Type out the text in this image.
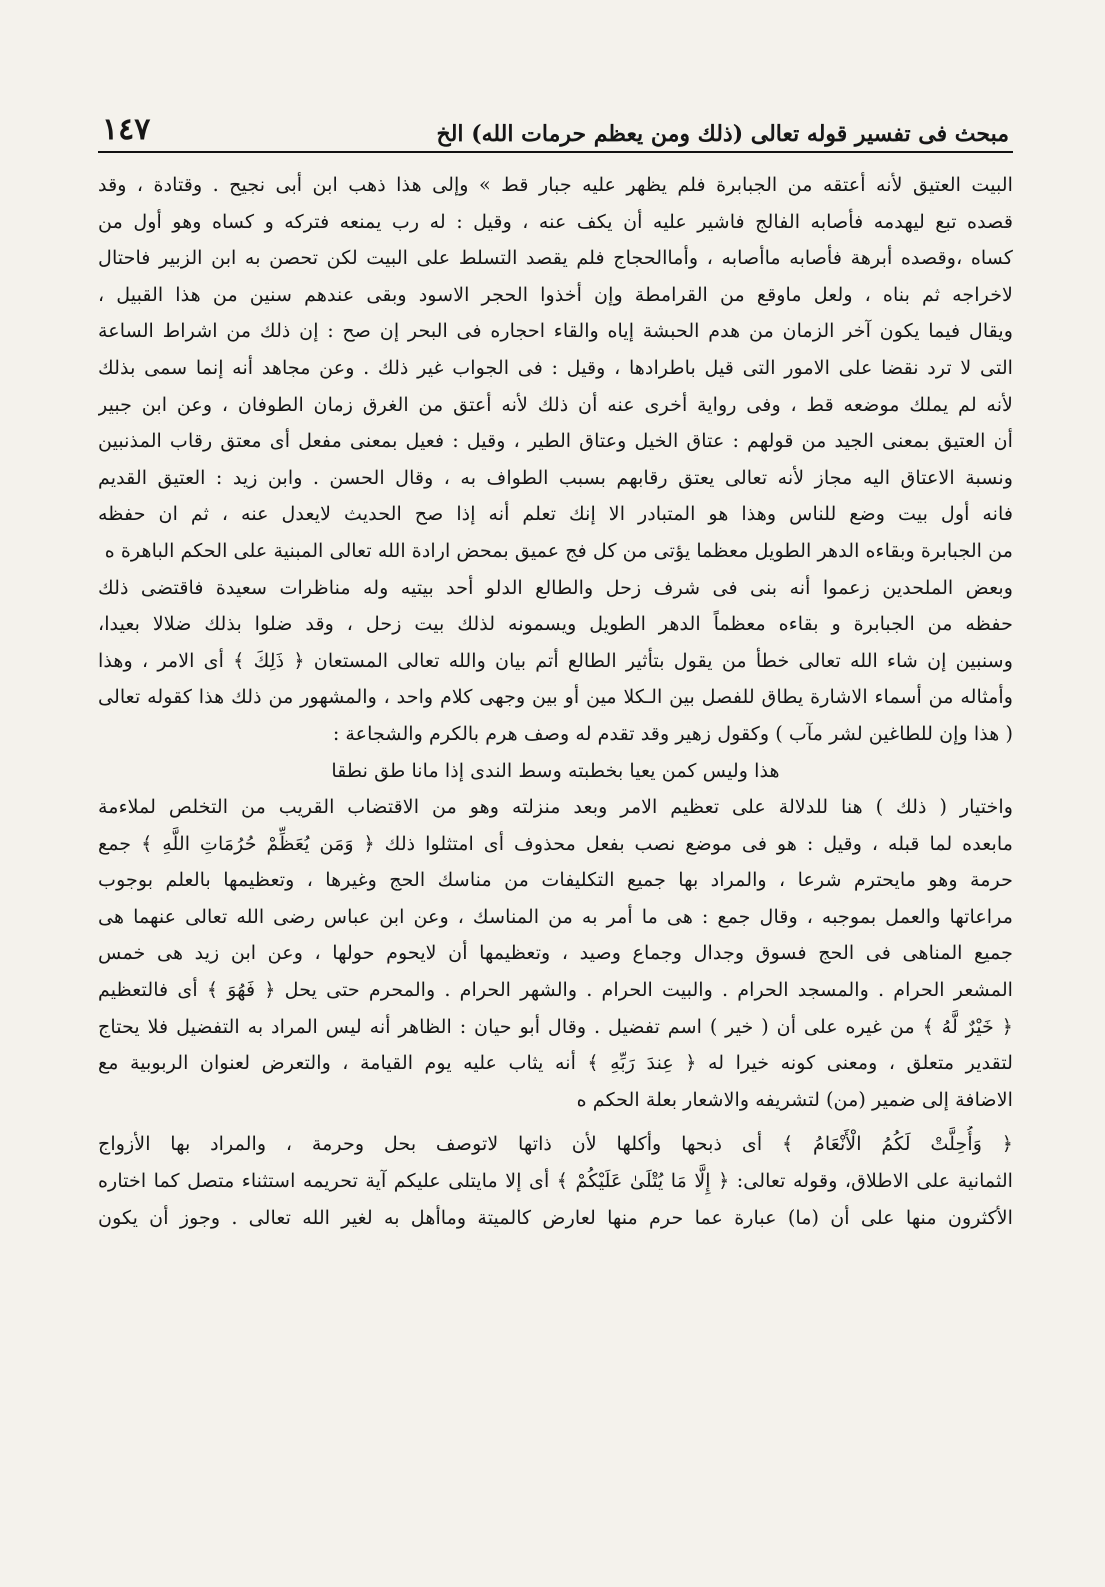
مبحث فى تفسير قوله تعالى (ذلك ومن يعظم حرمات الله) الخ
١٤٧
البيت العتيق لأنه أعتقه من الجبابرة فلم يظهر عليه جبار قط » وإلى هذا ذهب ابن أبى نجيح . وقتادة ، وقد
قصده تبع ليهدمه فأصابه الفالج فاشير عليه أن يكف عنه ، وقيل : له رب يمنعه فتركه و كساه وهو أول من
كساه ،وقصده أبرهة فأصابه ماأصابه ، وأماالحجاج فلم يقصد التسلط على البيت لكن تحصن به ابن الزبير فاحتال
لاخراجه ثم بناه ، ولعل ماوقع من القرامطة وإن أخذوا الحجر الاسود وبقى عندهم سنين من هذا القبيل ،
ويقال فيما يكون آخر الزمان من هدم الحبشة إياه والقاء احجاره فى البحر إن صح : إن ذلك من اشراط الساعة
التى لا ترد نقضا على الامور التى قيل باطرادها ، وقيل : فى الجواب غير ذلك . وعن مجاهد أنه إنما سمى بذلك
لأنه لم يملك موضعه قط ، وفى رواية أخرى عنه أن ذلك لأنه أعتق من الغرق زمان الطوفان ، وعن ابن جبير
أن العتيق بمعنى الجيد من قولهم : عتاق الخيل وعتاق الطير ، وقيل : فعيل بمعنى مفعل أى معتق رقاب المذنبين
ونسبة الاعتاق اليه مجاز لأنه تعالى يعتق رقابهم بسبب الطواف به ، وقال الحسن . وابن زيد : العتيق القديم
فانه أول بيت وضع للناس وهذا هو المتبادر الا إنك تعلم أنه إذا صح الحديث لايعدل عنه ، ثم ان حفظه
من الجبابرة وبقاءه الدهر الطويل معظما يؤتى من كل فج عميق بمحض ارادة الله تعالى المبنية على الحكم الباهرة ه
وبعض الملحدين زعموا أنه بنى فى شرف زحل والطالع الدلو أحد بيتيه وله مناظرات سعيدة فاقتضى ذلك
حفظه من الجبابرة و بقاءه معظماً الدهر الطويل ويسمونه لذلك بيت زحل ، وقد ضلوا بذلك ضلالا بعيدا،
وسنبين إن شاء الله تعالى خطأ من يقول بتأثير الطالع أتم بيان والله تعالى المستعان ﴿ ذَلِكَ ﴾ أى الامر ، وهذا
وأمثاله من أسماء الاشارة يطاق للفصل بين الـكلا مين أو بين وجهى كلام واحد ، والمشهور من ذلك هذا كقوله تعالى
( هذا وإن للطاغين لشر مآب ) وكقول زهير وقد تقدم له وصف هرم بالكرم والشجاعة :
هذا وليس كمن يعيا بخطبته وسط الندى إذا مانا طق نطقا
واختيار ( ذلك ) هنا للدلالة على تعظيم الامر وبعد منزلته وهو من الاقتضاب القريب من التخلص لملاءمة
مابعده لما قبله ، وقيل : هو فى موضع نصب بفعل محذوف أى امتثلوا ذلك ﴿ وَمَن يُعَظِّمْ حُرُمَاتِ اللَّهِ ﴾ جمع
حرمة وهو مايحترم شرعا ، والمراد بها جميع التكليفات من مناسك الحج وغيرها ، وتعظيمها بالعلم بوجوب
مراعاتها والعمل بموجبه ، وقال جمع : هى ما أمر به من المناسك ، وعن ابن عباس رضى الله تعالى عنهما هى
جميع المناهى فى الحج فسوق وجدال وجماع وصيد ، وتعظيمها أن لايحوم حولها ، وعن ابن زيد هى خمس
المشعر الحرام . والمسجد الحرام . والبيت الحرام . والشهر الحرام . والمحرم حتى يحل ﴿ فَهُوَ ﴾ أى فالتعظيم
﴿ خَيْرٌ لَّهُ ﴾ من غيره على أن ( خير ) اسم تفضيل . وقال أبو حيان : الظاهر أنه ليس المراد به التفضيل فلا يحتاج
لتقدير متعلق ، ومعنى كونه خيرا له ﴿ عِندَ رَبِّهِ ﴾ أنه يثاب عليه يوم القيامة ، والتعرض لعنوان الربوبية مع
الاضافة إلى ضمير (من) لتشريفه والاشعار بعلة الحكم ه
﴿ وَأُحِلَّتْ لَكُمُ الْأَنْعَامُ ﴾ أى ذبحها وأكلها لأن ذاتها لاتوصف بحل وحرمة ، والمراد بها الأزواج
الثمانية على الاطلاق، وقوله تعالى: ﴿ إِلَّا مَا يُتْلَىٰ عَلَيْكُمْ ﴾ أى إلا مايتلى عليكم آية تحريمه استثناء متصل كما اختاره
الأكثرون منها على أن (ما) عبارة عما حرم منها لعارض كالميتة وماأهل به لغير الله تعالى . وجوز أن يكون
